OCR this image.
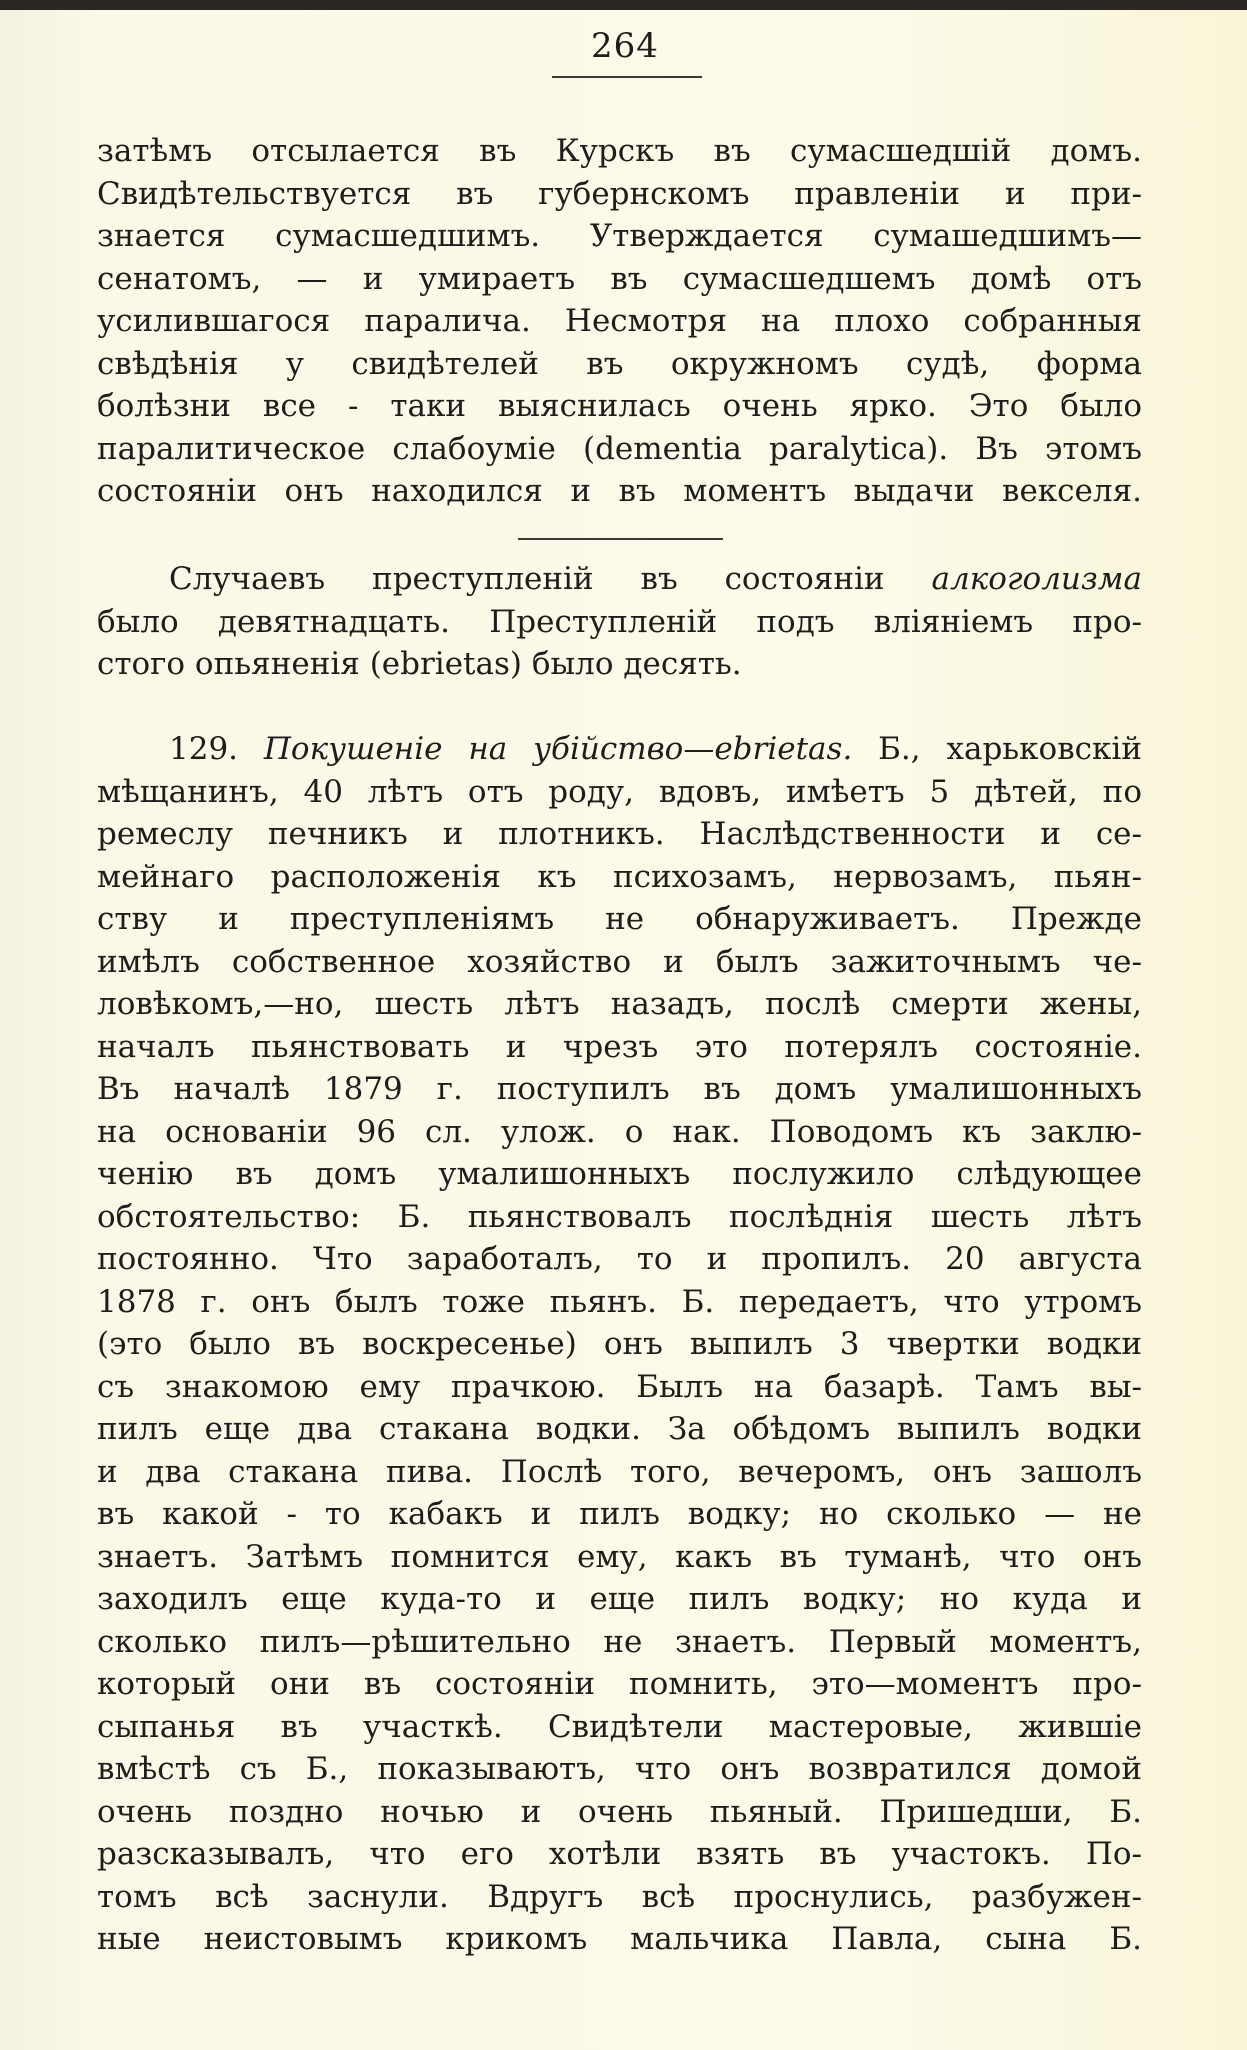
264
затѣмъ отсылается въ Курскъ въ сумасшедшій домъ.
Свидѣтельствуется въ губернскомъ правленіи и при-
знается сумасшедшимъ. Утверждается сумашедшимъ—
сенатомъ, — и умираетъ въ сумасшедшемъ домѣ отъ
усилившагося паралича. Несмотря на плохо собранныя
свѣдѣнія у свидѣтелей въ окружномъ судѣ, форма
болѣзни все - таки выяснилась очень ярко. Это было
паралитическое слабоуміе (dementia paralytica). Въ этомъ
состояніи онъ находился и въ моментъ выдачи векселя.
Случаевъ преступленій въ состояніи алкоголизма
было девятнадцать. Преступленій подъ вліяніемъ про-
стого опьяненія (ebrietas) было десять.
129. Покушеніе на убійство—ebrietas. Б., харьковскій
мѣщанинъ, 40 лѣтъ отъ роду, вдовъ, имѣетъ 5 дѣтей, по
ремеслу печникъ и плотникъ. Наслѣдственности и се-
мейнаго расположенія къ психозамъ, нервозамъ, пьян-
ству и преступленіямъ не обнаруживаетъ. Прежде
имѣлъ собственное хозяйство и былъ зажиточнымъ че-
ловѣкомъ,—но, шесть лѣтъ назадъ, послѣ смерти жены,
началъ пьянствовать и чрезъ это потерялъ состояніе.
Въ началѣ 1879 г. поступилъ въ домъ умалишонныхъ
на основаніи 96 сл. улож. о нак. Поводомъ къ заклю-
ченію въ домъ умалишонныхъ послужило слѣдующее
обстоятельство: Б. пьянствовалъ послѣднія шесть лѣтъ
постоянно. Что заработалъ, то и пропилъ. 20 августа
1878 г. онъ былъ тоже пьянъ. Б. передаетъ, что утромъ
(это было въ воскресенье) онъ выпилъ 3 чвертки водки
съ знакомою ему прачкою. Былъ на базарѣ. Тамъ вы-
пилъ еще два стакана водки. За обѣдомъ выпилъ водки
и два стакана пива. Послѣ того, вечеромъ, онъ зашолъ
въ какой - то кабакъ и пилъ водку; но сколько — не
знаетъ. Затѣмъ помнится ему, какъ въ туманѣ, что онъ
заходилъ еще куда-то и еще пилъ водку; но куда и
сколько пилъ—рѣшительно не знаетъ. Первый моментъ,
который они въ состояніи помнить, это—моментъ про-
сыпанья въ участкѣ. Свидѣтели мастеровые, жившіе
вмѣстѣ съ Б., показываютъ, что онъ возвратился домой
очень поздно ночью и очень пьяный. Пришедши, Б.
разсказывалъ, что его хотѣли взять въ участокъ. По-
томъ всѣ заснули. Вдругъ всѣ проснулись, разбужен-
ные неистовымъ крикомъ мальчика Павла, сына Б.
